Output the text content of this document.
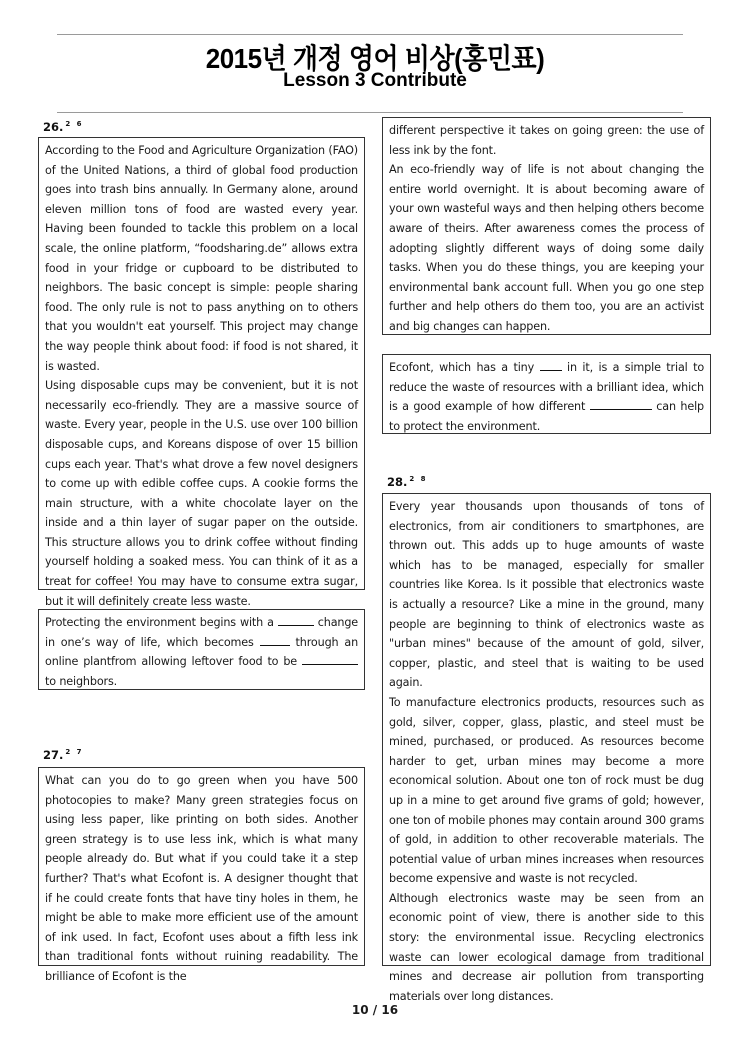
2015년 개정 영어 비상(홍민표)
Lesson 3 Contribute
26. $^{2 6}$

According to the Food and Agriculture Organization (FAO) of the United Nations, a third of global food production goes into trash bins annually. In Germany alone, around eleven million tons of food are wasted every year. Having been founded to tackle this problem on a local scale, the online platform, “foodsharing.de” allows extra food in your fridge or cupboard to be distributed to neighbors. The basic concept is simple: people sharing food. The only rule is not to pass anything on to others that you wouldn't eat yourself. This project may change the way people think about food: if food is not shared, it is wasted.

Using disposable cups may be convenient, but it is not necessarily eco-friendly. They are a massive source of waste. Every year, people in the U.S. use over 100 billion disposable cups, and Koreans dispose of over 15 billion cups each year. That's what drove a few novel designers to come up with edible coffee cups. A cookie forms the main structure, with a white chocolate layer on the inside and a thin layer of sugar paper on the outside. This structure allows you to drink coffee without finding yourself holding a soaked mess. You can think of it as a treat for coffee! You may have to consume extra sugar, but it will definitely create less waste.

Protecting the environment begins with a	change in one’s way of life, which becomes	through an online plantfrom allowing leftover food to be  to neighbors.

27. $^{2 7}$

What can you do to go green when you have 500 photocopies to make? Many green strategies focus on using less paper, like printing on both sides. Another green strategy is to use less ink, which is what many people already do. But what if you could take it a step further? That's what Ecofont is. A designer thought that if he could create fonts that have tiny holes in them, he might be able to make more efficient use of the amount of ink used. In fact, Ecofont uses about a fifth less ink than traditional fonts without ruining readability. The brilliance of Ecofont is the

different perspective it takes on going green: the use of less ink by the font.

An eco-friendly way of life is not about changing the entire world overnight. It is about becoming aware of your own wasteful ways and then helping others become aware of theirs. After awareness comes the process of adopting slightly different ways of doing some daily tasks. When you do these things, you are keeping your environmental bank account full. When you go one step further and help others do them too, you are an activist and big changes can happen.

Ecofont, which has a tiny	in it, is a simple trial to reduce the waste of resources with a brilliant idea, which is a good example of how different	can help to protect the environment.

28. $^{2 8}$

Every year thousands upon thousands of tons of electronics, from air conditioners to smartphones, are thrown out. This adds up to huge amounts of waste which has to be managed, especially for smaller countries like Korea. Is it possible that electronics waste is actually a resource? Like a mine in the ground, many people are beginning to think of electronics waste as "urban mines" because of the amount of gold, silver, copper, plastic, and steel that is waiting to be used again.

To manufacture electronics products, resources such as gold, silver, copper, glass, plastic, and steel must be mined, purchased, or produced. As resources become harder to get, urban mines may become a more economical solution. About one ton of rock must be dug up in a mine to get around five grams of gold; however, one ton of mobile phones may contain around 300 grams of gold, in addition to other recoverable materials. The potential value of urban mines increases when resources become expensive and waste is not recycled.

Although electronics waste may be seen from an economic point of view, there is another side to this story: the environmental issue. Recycling electronics waste can lower ecological damage from traditional mines and decrease air pollution from transporting materials over long distances.

10 / 16
